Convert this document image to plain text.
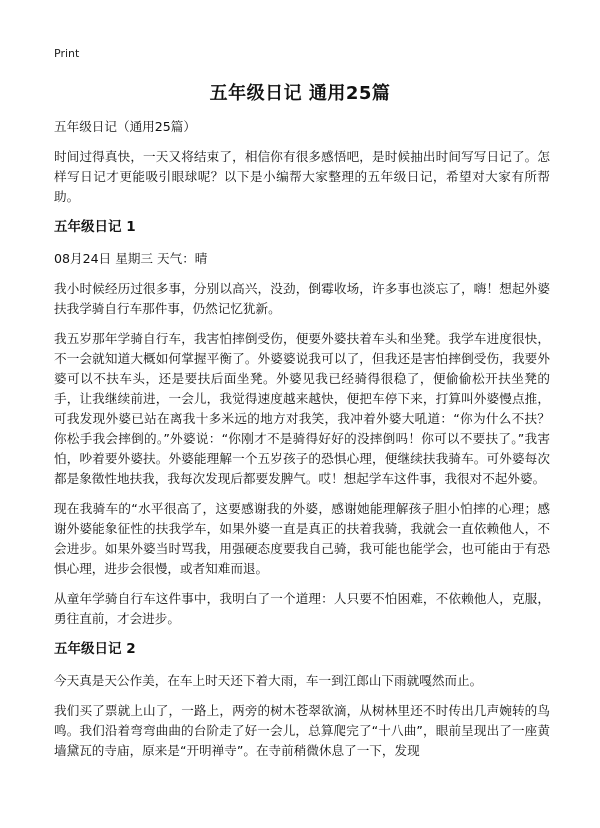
Print
五年级日记 通用25篇

五年级日记（通用25篇）

时间过得真快，一天又将结束了，相信你有很多感悟吧，是时候抽出时间写写日记了。怎样写日记才更能吸引眼球呢？以下是小编帮大家整理的五年级日记，希望对大家有所帮助。

五年级日记 1

08月24日 星期三 天气：晴

我小时候经历过很多事，分别以高兴，没劲，倒霉收场，许多事也淡忘了，嗨！想起外婆扶我学骑自行车那件事，仍然记忆犹新。

我五岁那年学骑自行车，我害怕摔倒受伤，便要外婆扶着车头和坐凳。我学车进度很快，不一会就知道大概如何掌握平衡了。外婆婆说我可以了，但我还是害怕摔倒受伤，我要外婆可以不扶车头，还是要扶后面坐凳。外婆见我已经骑得很稳了，便偷偷松开扶坐凳的手，让我继续前进，一会儿，我觉得速度越来越快，便把车停下来，打算叫外婆慢点推，可我发现外婆已站在离我十多米远的地方对我笑，我冲着外婆大吼道：“你为什么不扶？你松手我会摔倒的。”外婆说：“你刚才不是骑得好好的没摔倒吗！你可以不要扶了。”我害怕，吵着要外婆扶。外婆能理解一个五岁孩子的恐惧心理，便继续扶我骑车。可外婆每次都是象徵性地扶我，我每次发现后都要发脾气。哎！想起学车这件事，我很对不起外婆。

现在我骑车的“水平很高了，这要感谢我的外婆，感谢她能理解孩子胆小怕摔的心理；感谢外婆能象征性的扶我学车，如果外婆一直是真正的扶着我骑，我就会一直依赖他人，不会进步。如果外婆当时骂我，用强硬态度要我自己骑，我可能也能学会，也可能由于有恐惧心理，进步会很慢，或者知难而退。

从童年学骑自行车这件事中，我明白了一个道理：人只要不怕困难，不依赖他人，克服，勇往直前，才会进步。

五年级日记 2

今天真是天公作美，在车上时天还下着大雨，车一到江郎山下雨就嘎然而止。

我们买了票就上山了，一路上，两旁的树木苍翠欲滴，从树林里还不时传出几声婉转的鸟鸣。我们沿着弯弯曲曲的台阶走了好一会儿，总算爬完了“十八曲”，眼前呈现出了一座黄墙黛瓦的寺庙，原来是“开明禅寺”。在寺前稍微休息了一下，发现
